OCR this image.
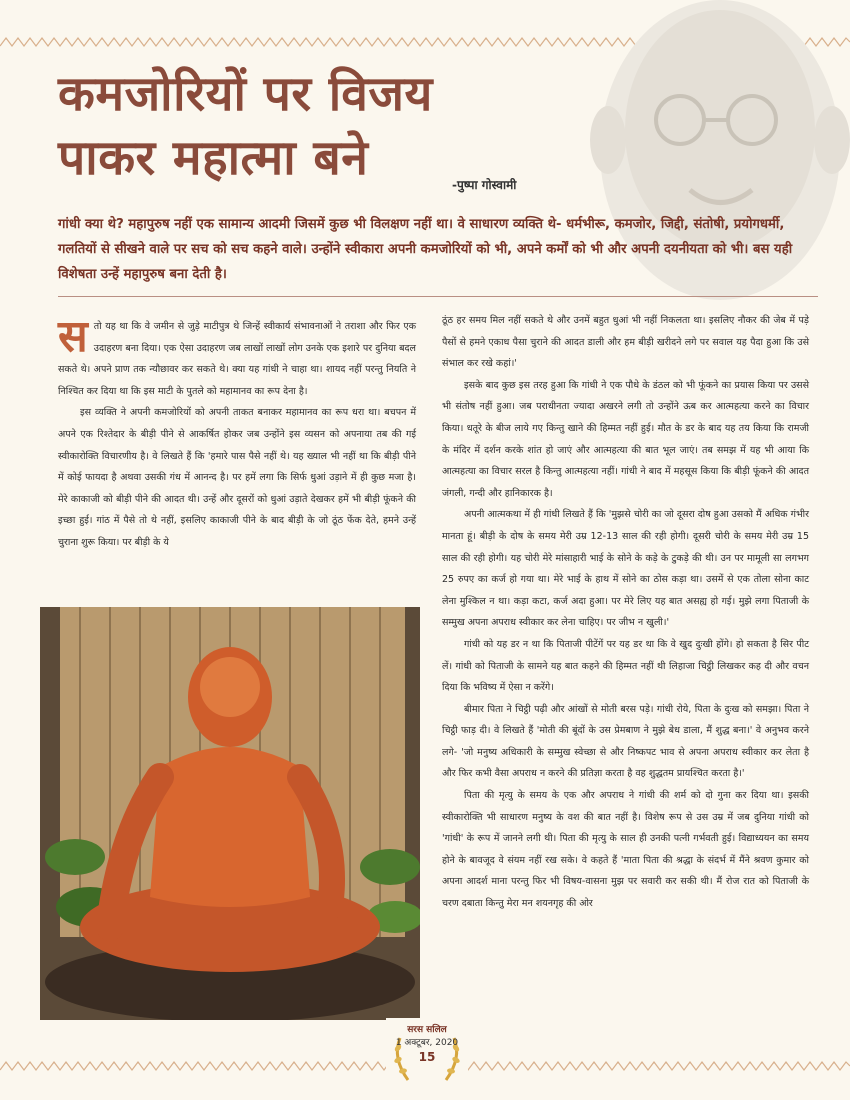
कमजोरियों पर विजय
पाकर महात्मा बने	-पुष्पा गोस्वामी

गांधी क्या थे? महापुरुष नहीं एक सामान्य आदमी जिसमें कुछ भी विलक्षण नहीं था। वे साधारण व्यक्ति थे- धर्मभीरू, कमजोर, जिद्दी, संतोषी, प्रयोगधर्मी, गलतियों से सीखने वाले पर सच को सच कहने वाले। उन्होंने स्वीकारा अपनी कमजोरियों को भी, अपने कर्मों को भी और अपनी दयनीयता को भी। बस यही विशेषता उन्हें महापुरुष बना देती है।

सतो यह था कि वे जमीन से जुड़े माटीपुत्र थे जिन्हें स्वीकार्य संभावनाओं ने तराशा और फिर एक उदाहरण बना दिया। एक ऐसा उदाहरण जब लाखों लाखों लोग उनके एक इशारे पर दुनिया बदल सकते थे। अपने प्राण तक न्यौछावर कर सकते थे। क्या यह गांधी ने चाहा था। शायद नहीं परन्तु नियति ने निश्चित कर दिया था कि इस माटी के पुतले को महामानव का रूप देना है।

इस व्यक्ति ने अपनी कमजोरियों को अपनी ताकत बनाकर महामानव का रूप धरा था। बचपन में अपने एक रिश्तेदार के बीड़ी पीने से आकर्षित होकर जब उन्होंने इस व्यसन को अपनाया तब की गई स्वीकारोक्ति विचारणीय है। वे लिखते हैं कि 'हमारे पास पैसे नहीं थे। यह ख्याल भी नहीं था कि बीड़ी पीने में कोई फायदा है अथवा उसकी गंध में आनन्द है। पर हमें लगा कि सिर्फ धुआं उड़ाने में ही कुछ मजा है। मेरे काकाजी को बीड़ी पीने की आदत थी। उन्हें और दूसरों को धुआं उड़ाते देखकर हमें भी बीड़ी फूंकने की इच्छा हुई। गांठ में पैसे तो थे नहीं, इसलिए काकाजी पीने के बाद बीड़ी के जो ठूंठ फेंक देते, हमने उन्हें चुराना शुरू किया। पर बीड़ी के ये

ठूंठ हर समय मिल नहीं सकते थे और उनमें बहुत धुआं भी नहीं निकलता था। इसलिए नौकर की जेब में पड़े पैसों से हमने एकाध पैसा चुराने की आदत डाली और हम बीड़ी खरीदने लगे पर सवाल यह पैदा हुआ कि उसे संभाल कर रखे कहां।'

इसके बाद कुछ इस तरह हुआ कि गांधी ने एक पौधे के डंठल को भी फूंकने का प्रयास किया पर उससे भी संतोष नहीं हुआ। जब पराधीनता ज्यादा अखरने लगी तो उन्होंने ऊब कर आत्महत्या करने का विचार किया। धतूरे के बीज लाये गए किन्तु खाने की हिम्मत नहीं हुई। मौत के डर के बाद यह तय किया कि रामजी के मंदिर में दर्शन करके शांत हो जाएं और आत्महत्या की बात भूल जाएं। तब समझ में यह भी आया कि आत्महत्या का विचार सरल है किन्तु आत्महत्या नहीं। गांधी ने बाद में महसूस किया कि बीड़ी फूंकने की आदत जंगली, गन्दी और हानिकारक है।

अपनी आत्मकथा में ही गांधी लिखते हैं कि 'मुझसे चोरी का जो दूसरा दोष हुआ उसको मैं अधिक गंभीर मानता हूं। बीड़ी के दोष के समय मेरी उम्र 12-13 साल की रही होगी। दूसरी चोरी के समय मेरी उम्र 15 साल की रही होगी। यह चोरी मेरे मांसाहारी भाई के सोने के कड़े के टुकड़े की थी। उन पर मामूली सा लगभग 25 रुपए का कर्ज हो गया था। मेरे भाई के हाथ में सोने का ठोस कड़ा था। उसमें से एक तोला सोना काट लेना मुश्किल न था। कड़ा कटा, कर्ज अदा हुआ। पर मेरे लिए यह बात असह्य हो गई। मुझे लगा पिताजी के सम्मुख अपना अपराध स्वीकार कर लेना चाहिए। पर जीभ न खुली।'

गांधी को यह डर न था कि पिताजी पीटेंगें पर यह डर था कि वे खुद दुःखी होंगे। हो सकता है सिर पीट लें। गांधी को पिताजी के सामने यह बात कहने की हिम्मत नहीं थी लिहाजा चिट्ठी लिखकर कह दी और वचन दिया कि भविष्य में ऐसा न करेंगे।

बीमार पिता ने चिट्ठी पढ़ी और आंखों से मोती बरस पड़े। गांधी रोये, पिता के दुःख को समझा। पिता ने चिट्ठी फाड़ दी। वे लिखते हैं 'मोती की बूंदों के उस प्रेमबाण ने मुझे बेध डाला, मैं शुद्ध बना।' वे अनुभव करने लगे- 'जो मनुष्य अधिकारी के सम्मुख स्वेच्छा से और निष्कपट भाव से अपना अपराध स्वीकार कर लेता है और फिर कभी वैसा अपराध न करने की प्रतिज्ञा करता है वह शुद्धतम प्रायश्चित करता है।'

पिता की मृत्यु के समय के एक और अपराध ने गांधी की शर्म को दो गुना कर दिया था। इसकी स्वीकारोक्ति भी साधारण मनुष्य के वश की बात नहीं है। विशेष रूप से उस उम्र में जब दुनिया गांधी को 'गांधी' के रूप में जानने लगी थी। पिता की मृत्यु के साल ही उनकी पत्नी गर्भवती हुई। विद्याध्ययन का समय होने के बावजूद वे संयम नहीं रख सके। वे कहते हैं 'माता पिता की श्रद्धा के संदर्भ में मैंने श्रवण कुमार को अपना आदर्श माना परन्तु फिर भी विषय-वासना मुझ पर सवारी कर सकी थी। मैं रोज रात को पिताजी के चरण दबाता किन्तु मेरा मन शयनगृह की ओर

सरस सलिल
1 अक्टूबर, 2020
15
